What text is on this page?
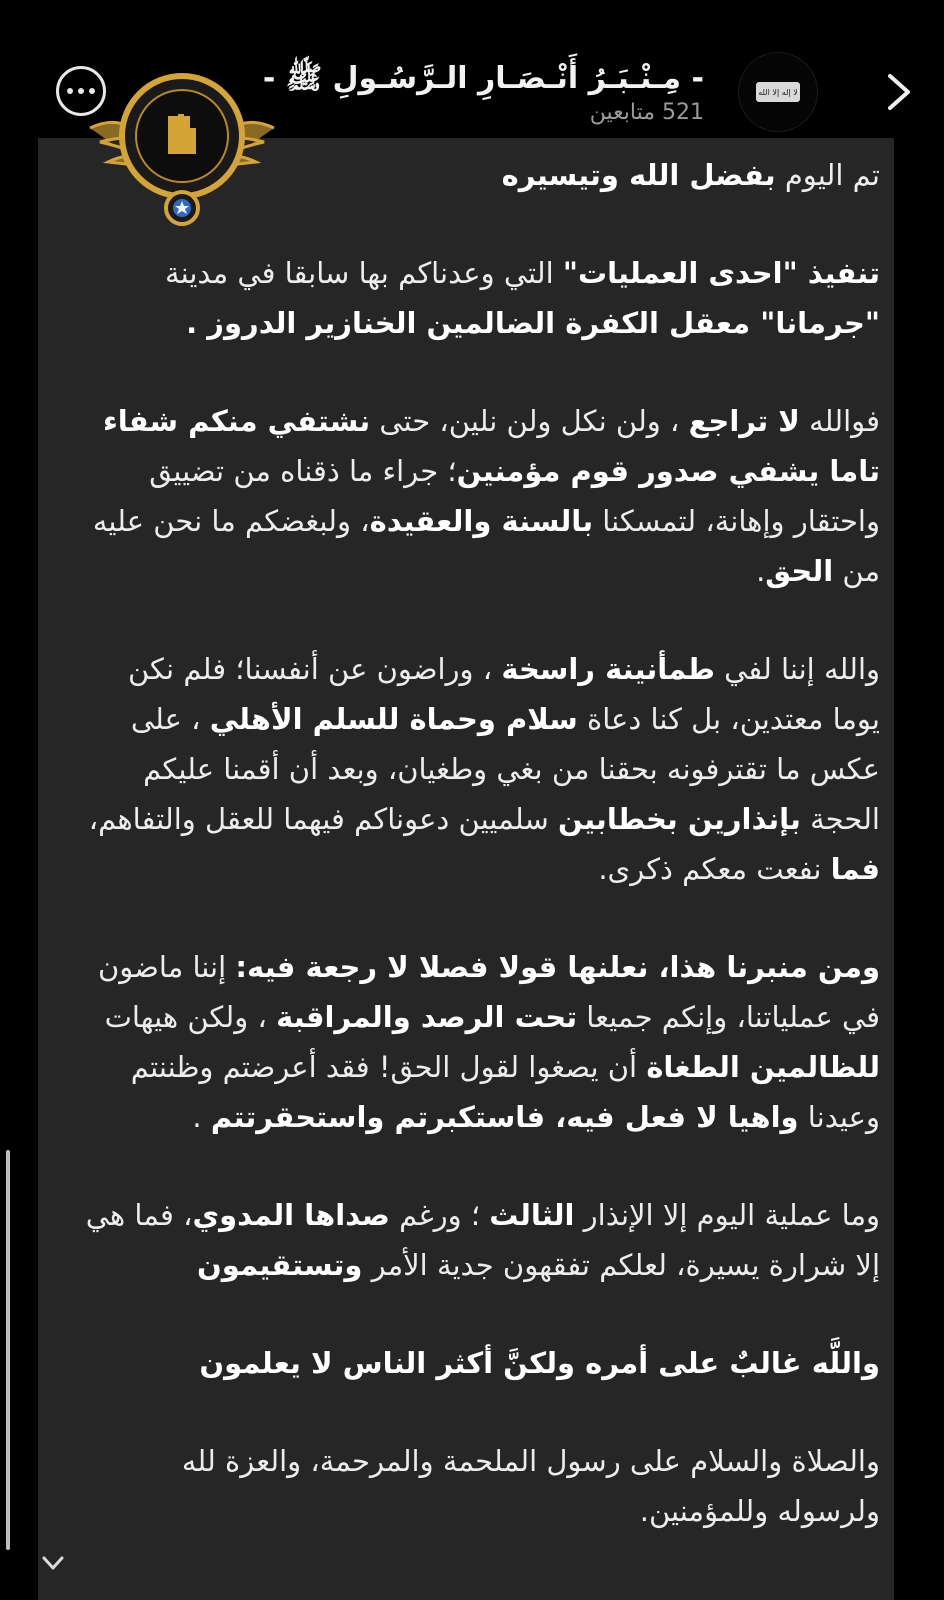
لا إله إلا الله
- مِـنْـبَـرُ أَنْـصَـارِ الـرَّسُـولِ ﷺ -
521 متابعين

تم اليوم بفضل الله وتيسيره

تنفيذ "احدى العمليات" التي وعدناكم بها سابقا في مدينة "جرمانا" معقل الكفرة الضالمين الخنازير الدروز .

فوالله لا تراجع ، ولن نكل ولن نلين، حتى نشتفي منكم شفاء تاما يشفي صدور قوم مؤمنين؛ جراء ما ذقناه من تضييق واحتقار وإهانة، لتمسكنا بالسنة والعقيدة، ولبغضكم ما نحن عليه من الحق.

والله إننا لفي طمأنينة راسخة ، وراضون عن أنفسنا؛ فلم نكن يوما معتدين، بل كنا دعاة سلام وحماة للسلم الأهلي ، على عكس ما تقترفونه بحقنا من بغي وطغيان، وبعد أن أقمنا عليكم الحجة بإنذارين بخطابين سلميين دعوناكم فيهما للعقل والتفاهم، فما نفعت معكم ذكرى.

ومن منبرنا هذا، نعلنها قولا فصلا لا رجعة فيه: إننا ماضون في عملياتنا، وإنكم جميعا تحت الرصد والمراقبة ، ولكن هيهات للظالمين الطغاة أن يصغوا لقول الحق! فقد أعرضتم وظننتم وعيدنا واهيا لا فعل فيه، فاستكبرتم واستحقرتتم .

وما عملية اليوم إلا الإنذار الثالث ؛ ورغم صداها المدوي، فما هي إلا شرارة يسيرة، لعلكم تفقهون جدية الأمر وتستقيمون

واللَّه غالبٌ على أمره ولكنَّ أكثر الناس لا يعلمون

والصلاة والسلام على رسول الملحمة والمرحمة، والعزة لله ولرسوله وللمؤمنين.
